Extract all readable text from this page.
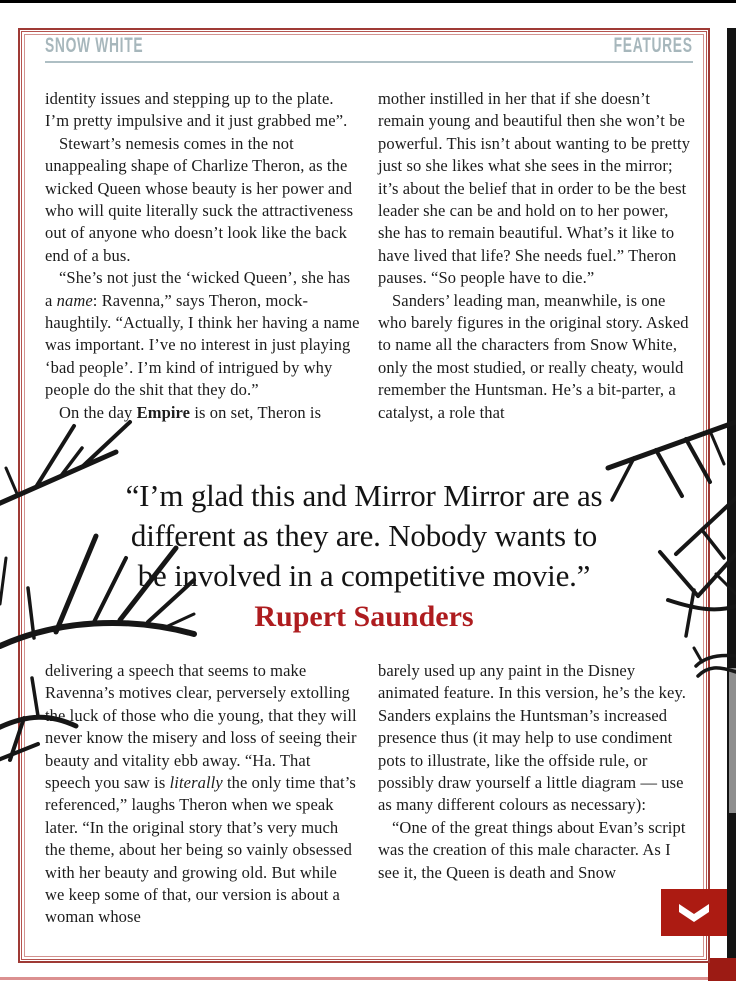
SNOW WHITE	FEATURES

identity issues and stepping up to the plate. I’m pretty impulsive and it just grabbed me”.

Stewart’s nemesis comes in the not unappealing shape of Charlize Theron, as the wicked Queen whose beauty is her power and who will quite literally suck the attractiveness out of anyone who doesn’t look like the back end of a bus.

“She’s not just the ‘wicked Queen’, she has a name: Ravenna,” says Theron, mock-haughtily. “Actually, I think her having a name was important. I’ve no interest in just playing ‘bad people’. I’m kind of intrigued by why people do the shit that they do.”

On the day Empire is on set, Theron is

mother instilled in her that if she doesn’t remain young and beautiful then she won’t be powerful. This isn’t about wanting to be pretty just so she likes what she sees in the mirror; it’s about the belief that in order to be the best leader she can be and hold on to her power, she has to remain beautiful. What’s it like to have lived that life? She needs fuel.” Theron pauses. “So people have to die.”

Sanders’ leading man, meanwhile, is one who barely figures in the original story. Asked to name all the characters from Snow White, only the most studied, or really cheaty, would remember the Huntsman. He’s a bit-parter, a catalyst, a role that

“I’m glad this and Mirror Mirror are as
different as they are. Nobody wants to
be involved in a competitive movie.”
Rupert Saunders

delivering a speech that seems to make Ravenna’s motives clear, perversely extolling the luck of those who die young, that they will never know the misery and loss of seeing their beauty and vitality ebb away. “Ha. That speech you saw is literally the only time that’s referenced,” laughs Theron when we speak later. “In the original story that’s very much the theme, about her being so vainly obsessed with her beauty and growing old. But while we keep some of that, our version is about a woman whose

barely used up any paint in the Disney animated feature. In this version, he’s the key. Sanders explains the Huntsman’s increased presence thus (it may help to use condiment pots to illustrate, like the offside rule, or possibly draw yourself a little diagram — use as many different colours as necessary):

“One of the great things about Evan’s script was the creation of this male character. As I see it, the Queen is death and Snow
